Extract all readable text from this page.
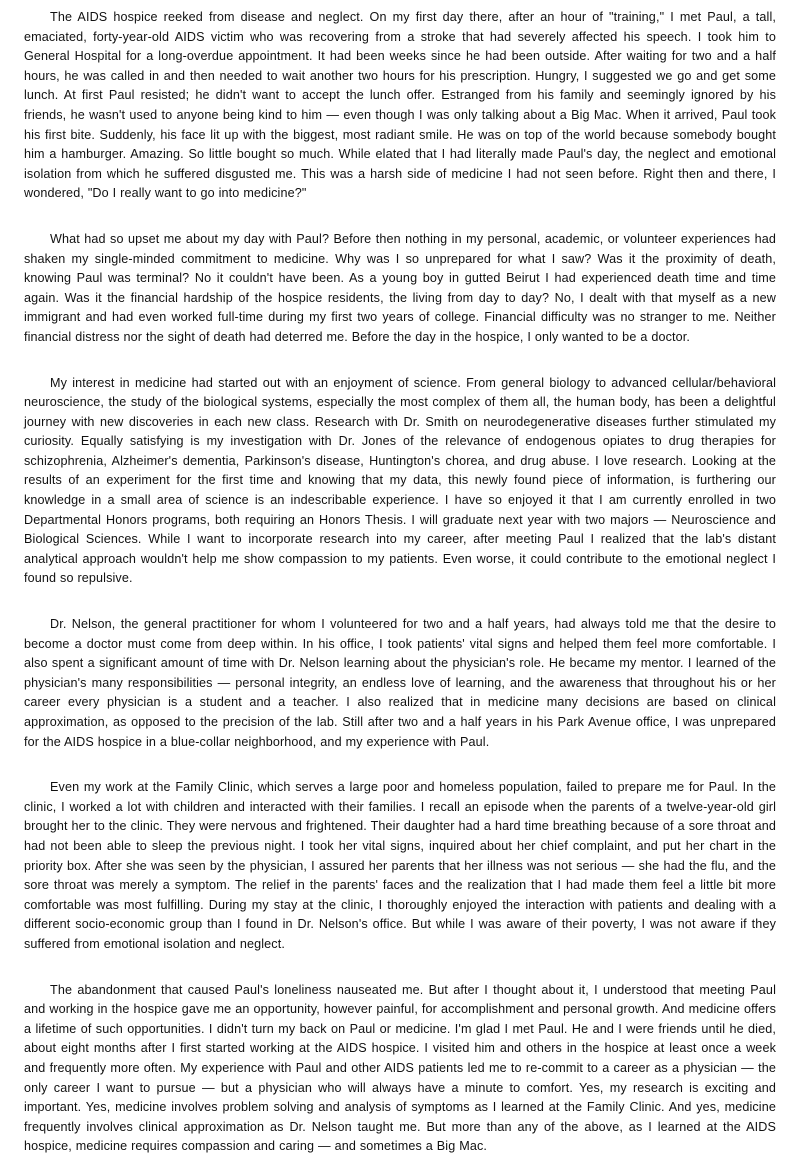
The AIDS hospice reeked from disease and neglect. On my first day there, after an hour of "training," I met Paul, a tall, emaciated, forty-year-old AIDS victim who was recovering from a stroke that had severely affected his speech. I took him to General Hospital for a long-overdue appointment. It had been weeks since he had been outside. After waiting for two and a half hours, he was called in and then needed to wait another two hours for his prescription. Hungry, I suggested we go and get some lunch. At first Paul resisted; he didn't want to accept the lunch offer. Estranged from his family and seemingly ignored by his friends, he wasn't used to anyone being kind to him — even though I was only talking about a Big Mac. When it arrived, Paul took his first bite. Suddenly, his face lit up with the biggest, most radiant smile. He was on top of the world because somebody bought him a hamburger. Amazing. So little bought so much. While elated that I had literally made Paul's day, the neglect and emotional isolation from which he suffered disgusted me. This was a harsh side of medicine I had not seen before. Right then and there, I wondered, "Do I really want to go into medicine?"

What had so upset me about my day with Paul? Before then nothing in my personal, academic, or volunteer experiences had shaken my single-minded commitment to medicine. Why was I so unprepared for what I saw? Was it the proximity of death, knowing Paul was terminal? No it couldn't have been. As a young boy in gutted Beirut I had experienced death time and time again. Was it the financial hardship of the hospice residents, the living from day to day? No, I dealt with that myself as a new immigrant and had even worked full-time during my first two years of college. Financial difficulty was no stranger to me. Neither financial distress nor the sight of death had deterred me. Before the day in the hospice, I only wanted to be a doctor.

My interest in medicine had started out with an enjoyment of science. From general biology to advanced cellular/behavioral neuroscience, the study of the biological systems, especially the most complex of them all, the human body, has been a delightful journey with new discoveries in each new class. Research with Dr. Smith on neurodegenerative diseases further stimulated my curiosity. Equally satisfying is my investigation with Dr. Jones of the relevance of endogenous opiates to drug therapies for schizophrenia, Alzheimer's dementia, Parkinson's disease, Huntington's chorea, and drug abuse. I love research. Looking at the results of an experiment for the first time and knowing that my data, this newly found piece of information, is furthering our knowledge in a small area of science is an indescribable experience. I have so enjoyed it that I am currently enrolled in two Departmental Honors programs, both requiring an Honors Thesis. I will graduate next year with two majors — Neuroscience and Biological Sciences. While I want to incorporate research into my career, after meeting Paul I realized that the lab's distant analytical approach wouldn't help me show compassion to my patients. Even worse, it could contribute to the emotional neglect I found so repulsive.

Dr. Nelson, the general practitioner for whom I volunteered for two and a half years, had always told me that the desire to become a doctor must come from deep within. In his office, I took patients' vital signs and helped them feel more comfortable. I also spent a significant amount of time with Dr. Nelson learning about the physician's role. He became my mentor. I learned of the physician's many responsibilities — personal integrity, an endless love of learning, and the awareness that throughout his or her career every physician is a student and a teacher. I also realized that in medicine many decisions are based on clinical approximation, as opposed to the precision of the lab. Still after two and a half years in his Park Avenue office, I was unprepared for the AIDS hospice in a blue-collar neighborhood, and my experience with Paul.

Even my work at the Family Clinic, which serves a large poor and homeless population, failed to prepare me for Paul. In the clinic, I worked a lot with children and interacted with their families. I recall an episode when the parents of a twelve-year-old girl brought her to the clinic. They were nervous and frightened. Their daughter had a hard time breathing because of a sore throat and had not been able to sleep the previous night. I took her vital signs, inquired about her chief complaint, and put her chart in the priority box. After she was seen by the physician, I assured her parents that her illness was not serious — she had the flu, and the sore throat was merely a symptom. The relief in the parents' faces and the realization that I had made them feel a little bit more comfortable was most fulfilling. During my stay at the clinic, I thoroughly enjoyed the interaction with patients and dealing with a different socio-economic group than I found in Dr. Nelson's office. But while I was aware of their poverty, I was not aware if they suffered from emotional isolation and neglect.

The abandonment that caused Paul's loneliness nauseated me. But after I thought about it, I understood that meeting Paul and working in the hospice gave me an opportunity, however painful, for accomplishment and personal growth. And medicine offers a lifetime of such opportunities. I didn't turn my back on Paul or medicine. I'm glad I met Paul. He and I were friends until he died, about eight months after I first started working at the AIDS hospice. I visited him and others in the hospice at least once a week and frequently more often. My experience with Paul and other AIDS patients led me to re-commit to a career as a physician — the only career I want to pursue — but a physician who will always have a minute to comfort. Yes, my research is exciting and important. Yes, medicine involves problem solving and analysis of symptoms as I learned at the Family Clinic. And yes, medicine frequently involves clinical approximation as Dr. Nelson taught me. But more than any of the above, as I learned at the AIDS hospice, medicine requires compassion and caring — and sometimes a Big Mac.
